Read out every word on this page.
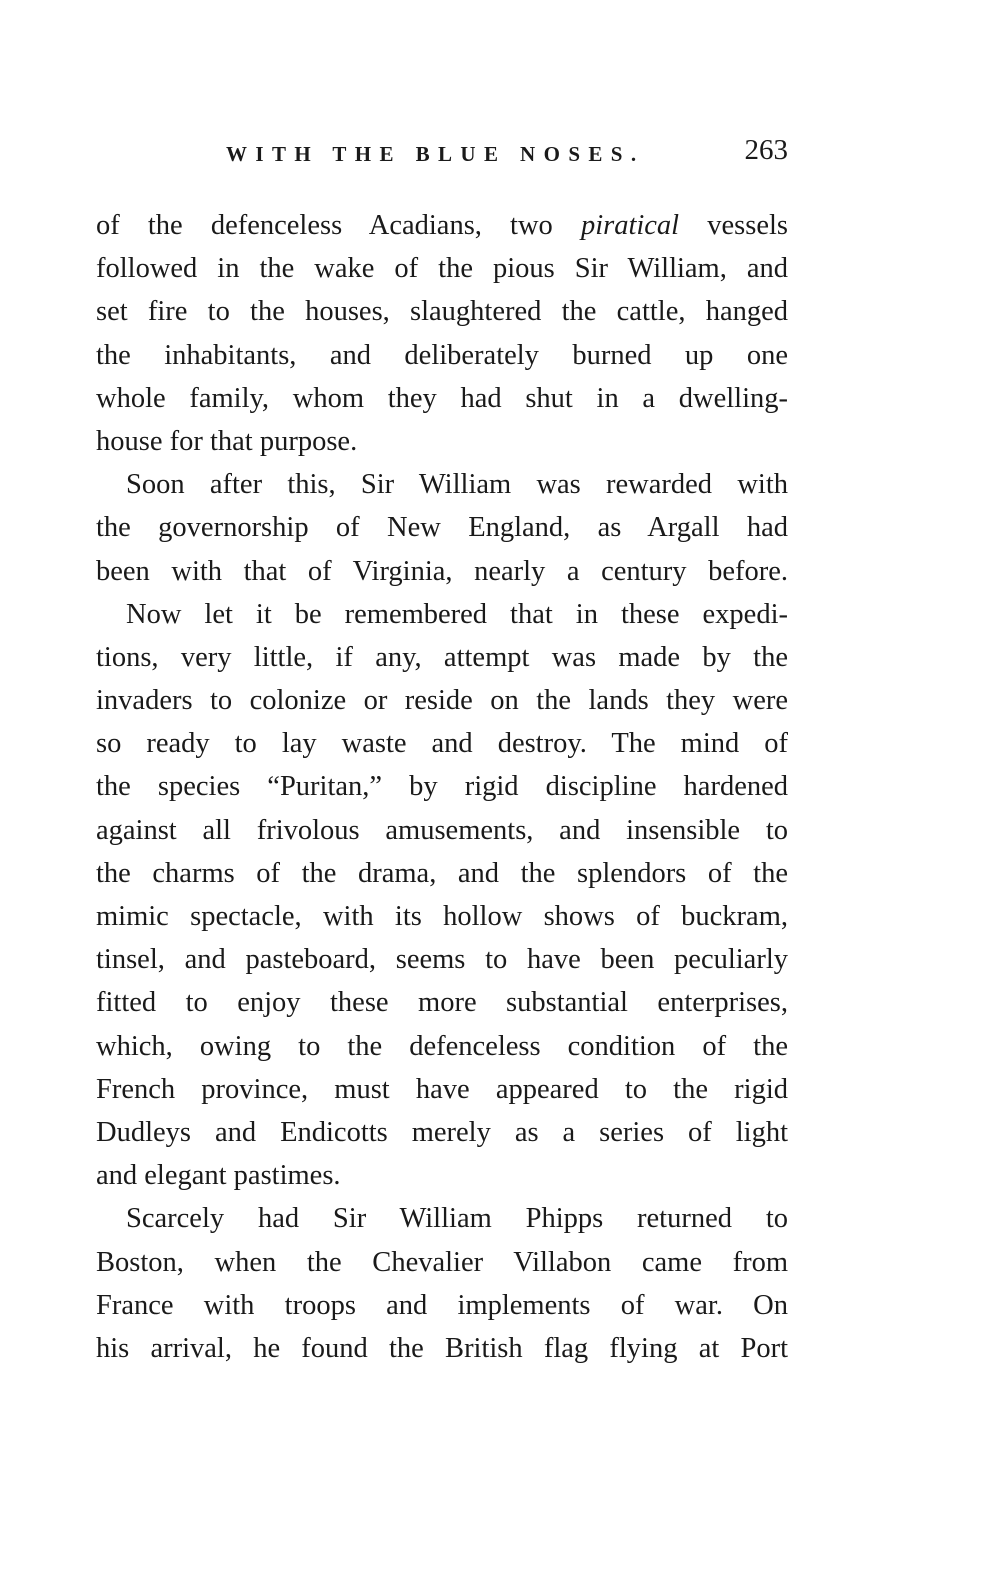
WITH THE BLUE NOSES.	263
of the defenceless Acadians, two piratical vessels
followed in the wake of the pious Sir William, and
set fire to the houses, slaughtered the cattle, hanged
the inhabitants, and deliberately burned up one
whole family, whom they had shut in a dwelling-
house for that purpose.
Soon after this, Sir William was rewarded with
the governorship of New England, as Argall had
been with that of Virginia, nearly a century before.
Now let it be remembered that in these expedi-
tions, very little, if any, attempt was made by the
invaders to colonize or reside on the lands they were
so ready to lay waste and destroy. The mind of
the species “Puritan,” by rigid discipline hardened
against all frivolous amusements, and insensible to
the charms of the drama, and the splendors of the
mimic spectacle, with its hollow shows of buckram,
tinsel, and pasteboard, seems to have been peculiarly
fitted to enjoy these more substantial enterprises,
which, owing to the defenceless condition of the
French province, must have appeared to the rigid
Dudleys and Endicotts merely as a series of light
and elegant pastimes.
Scarcely had Sir William Phipps returned to
Boston, when the Chevalier Villabon came from
France with troops and implements of war. On
his arrival, he found the British flag flying at Port
